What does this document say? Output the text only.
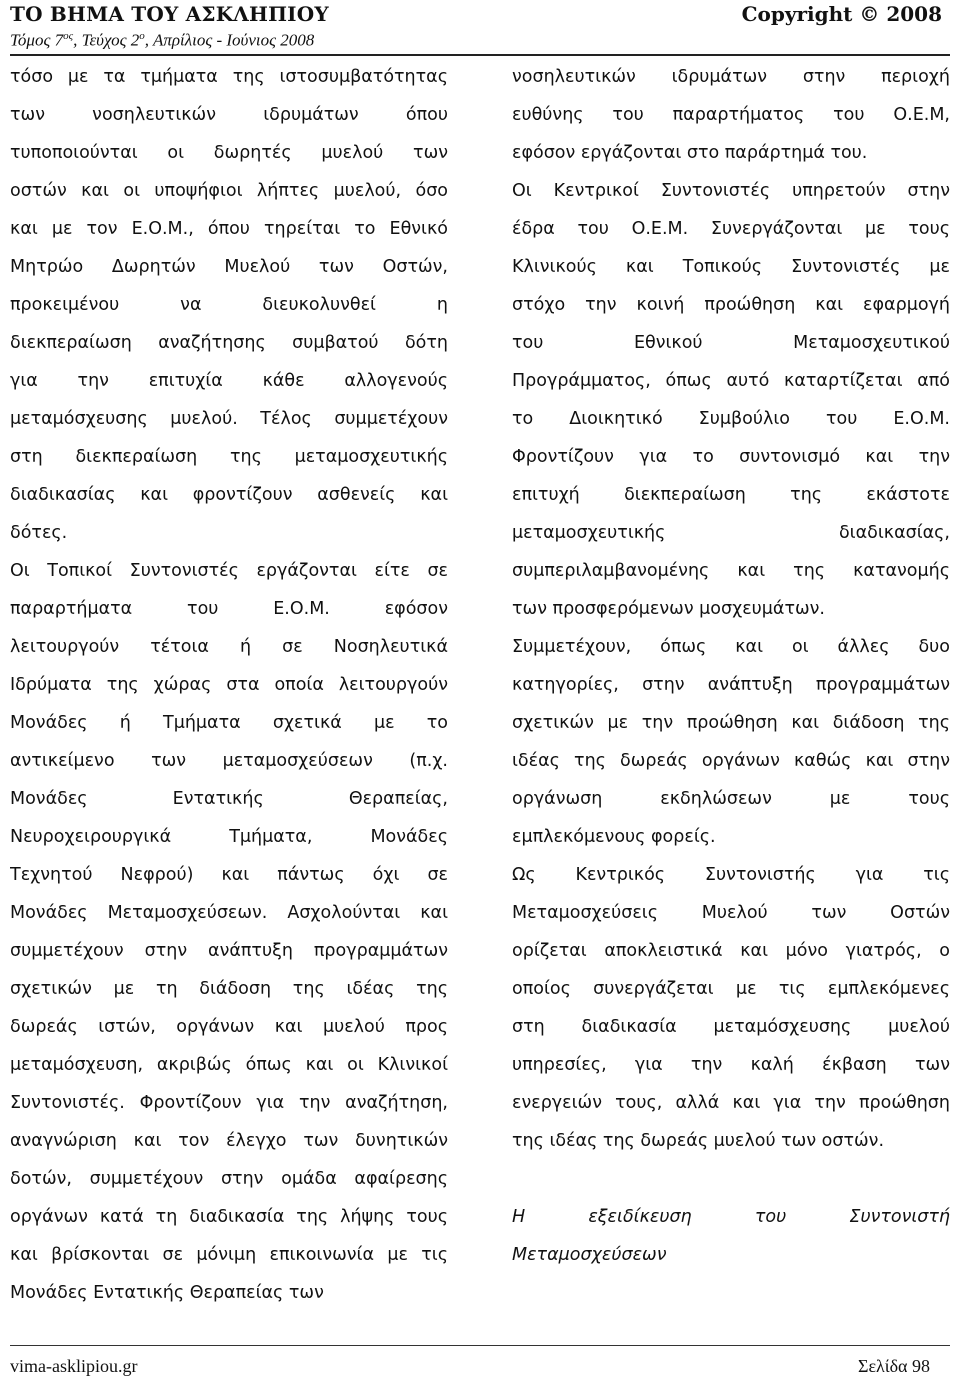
ΤΟ ΒΗΜΑ ΤΟΥ ΑΣΚΛΗΠΙΟΥ	Copyright © 2008
Τόμος $7^{o\varsigma}$, Τεύχος $2^o$, Απρίλιος - Ιούνιος 2008
τόσο με τα τμήματα της ιστοσυμβατότητας
των νοσηλευτικών ιδρυμάτων όπου
τυποποιούνται οι δωρητές μυελού των
οστών και οι υποψήφιοι λήπτες μυελού, όσο
και με τον Ε.Ο.Μ., όπου τηρείται το Εθνικό
Μητρώο Δωρητών Μυελού των Οστών,
προκειμένου να διευκολυνθεί η
διεκπεραίωση αναζήτησης συμβατού δότη
για την επιτυχία κάθε αλλογενούς
μεταμόσχευσης μυελού. Τέλος συμμετέχουν
στη διεκπεραίωση της μεταμοσχευτικής
διαδικασίας και φροντίζουν ασθενείς και
δότες.
Οι Τοπικοί Συντονιστές εργάζονται είτε σε
παραρτήματα του Ε.Ο.Μ. εφόσον
λειτουργούν τέτοια ή σε Νοσηλευτικά
Ιδρύματα της χώρας στα οποία λειτουργούν
Μονάδες ή Τμήματα σχετικά με το
αντικείμενο των μεταμοσχεύσεων (π.χ.
Μονάδες Εντατικής Θεραπείας,
Νευροχειρουργικά Τμήματα, Μονάδες
Τεχνητού Νεφρού) και πάντως όχι σε
Μονάδες Μεταμοσχεύσεων. Ασχολούνται και
συμμετέχουν στην ανάπτυξη προγραμμάτων
σχετικών με τη διάδοση της ιδέας της
δωρεάς ιστών, οργάνων και μυελού προς
μεταμόσχευση, ακριβώς όπως και οι Κλινικοί
Συντονιστές. Φροντίζουν για την αναζήτηση,
αναγνώριση και τον έλεγχο των δυνητικών
δοτών, συμμετέχουν στην ομάδα αφαίρεσης
οργάνων κατά τη διαδικασία της λήψης τους
και βρίσκονται σε μόνιμη επικοινωνία με τις
Μονάδες Εντατικής Θεραπείας των
νοσηλευτικών ιδρυμάτων στην περιοχή
ευθύνης του παραρτήματος του Ο.Ε.Μ,
εφόσον εργάζονται στο παράρτημά του.
Οι Κεντρικοί Συντονιστές υπηρετούν στην
έδρα του Ο.Ε.Μ. Συνεργάζονται με τους
Κλινικούς και Τοπικούς Συντονιστές με
στόχο την κοινή προώθηση και εφαρμογή
του Εθνικού Μεταμοσχευτικού
Προγράμματος, όπως αυτό καταρτίζεται από
το Διοικητικό Συμβούλιο του Ε.Ο.Μ.
Φροντίζουν για το συντονισμό και την
επιτυχή διεκπεραίωση της εκάστοτε
μεταμοσχευτικής διαδικασίας,
συμπεριλαμβανομένης και της κατανομής
των προσφερόμενων μοσχευμάτων.
Συμμετέχουν, όπως και οι άλλες δυο
κατηγορίες, στην ανάπτυξη προγραμμάτων
σχετικών με την προώθηση και διάδοση της
ιδέας της δωρεάς οργάνων καθώς και στην
οργάνωση εκδηλώσεων με τους
εμπλεκόμενους φορείς.
Ως Κεντρικός Συντονιστής για τις
Μεταμοσχεύσεις Μυελού των Οστών
ορίζεται αποκλειστικά και μόνο γιατρός, ο
οποίος συνεργάζεται με τις εμπλεκόμενες
στη διαδικασία μεταμόσχευσης μυελού
υπηρεσίες, για την καλή έκβαση των
ενεργειών τους, αλλά και για την προώθηση
της ιδέας της δωρεάς μυελού των οστών.

Η εξειδίκευση του Συντονιστή
Μεταμοσχεύσεων
vima-asklipiou.gr	Σελίδα 98
